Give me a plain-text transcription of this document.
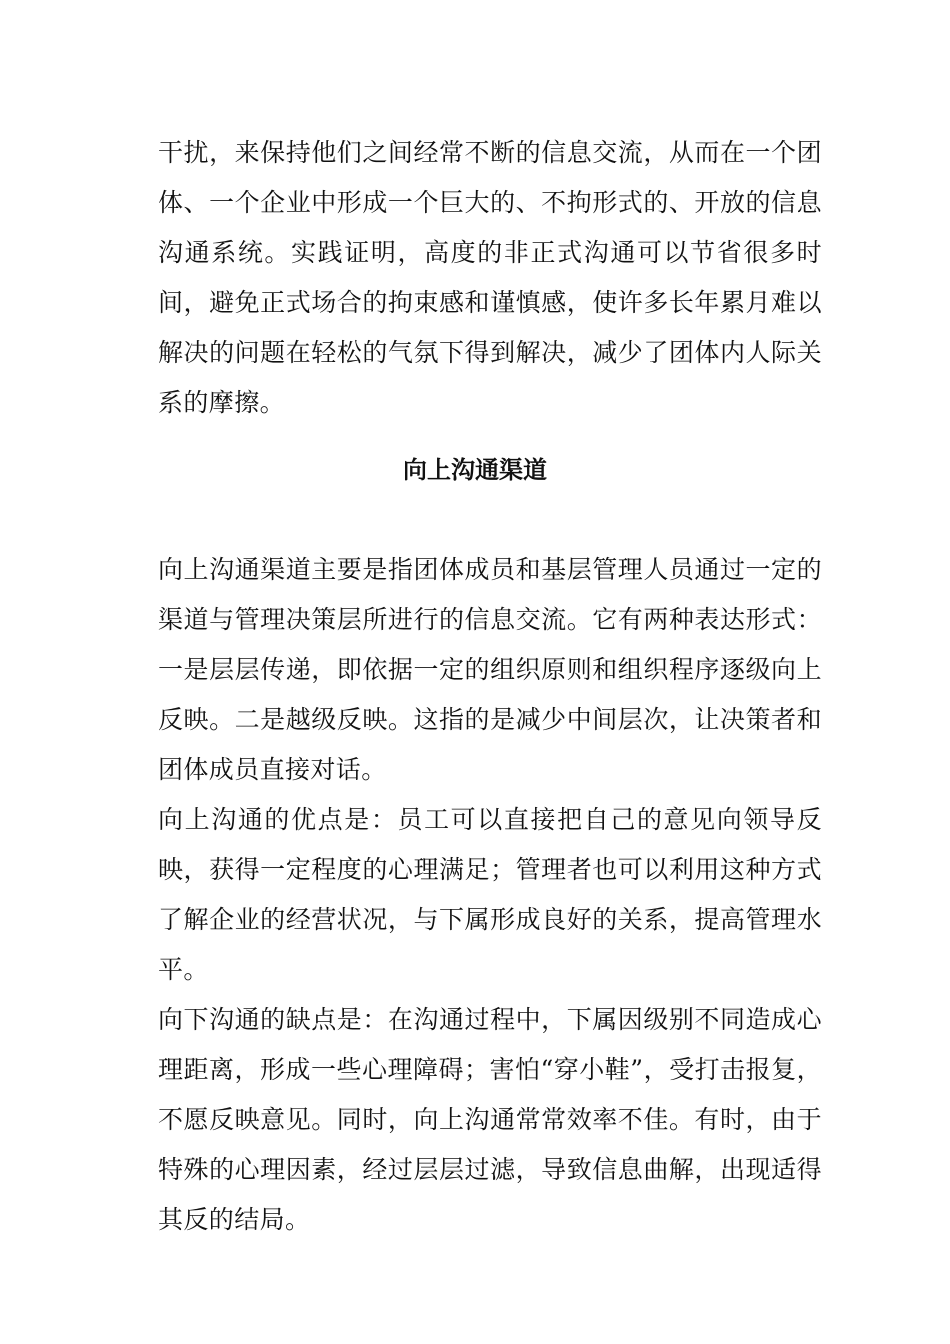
干扰，来保持他们之间经常不断的信息交流，从而在一个团体、一个企业中形成一个巨大的、不拘形式的、开放的信息沟通系统。实践证明，高度的非正式沟通可以节省很多时间，避免正式场合的拘束感和谨慎感，使许多长年累月难以解决的问题在轻松的气氛下得到解决，减少了团体内人际关系的摩擦。

向上沟通渠道

向上沟通渠道主要是指团体成员和基层管理人员通过一定的渠道与管理决策层所进行的信息交流。它有两种表达形式：一是层层传递，即依据一定的组织原则和组织程序逐级向上反映。二是越级反映。这指的是减少中间层次，让决策者和团体成员直接对话。

向上沟通的优点是：员工可以直接把自己的意见向领导反映，获得一定程度的心理满足；管理者也可以利用这种方式了解企业的经营状况，与下属形成良好的关系，提高管理水平。

向下沟通的缺点是：在沟通过程中，下属因级别不同造成心理距离，形成一些心理障碍；害怕“穿小鞋”，受打击报复，不愿反映意见。同时，向上沟通常常效率不佳。有时，由于特殊的心理因素，经过层层过滤，导致信息曲解，出现适得其反的结局。
